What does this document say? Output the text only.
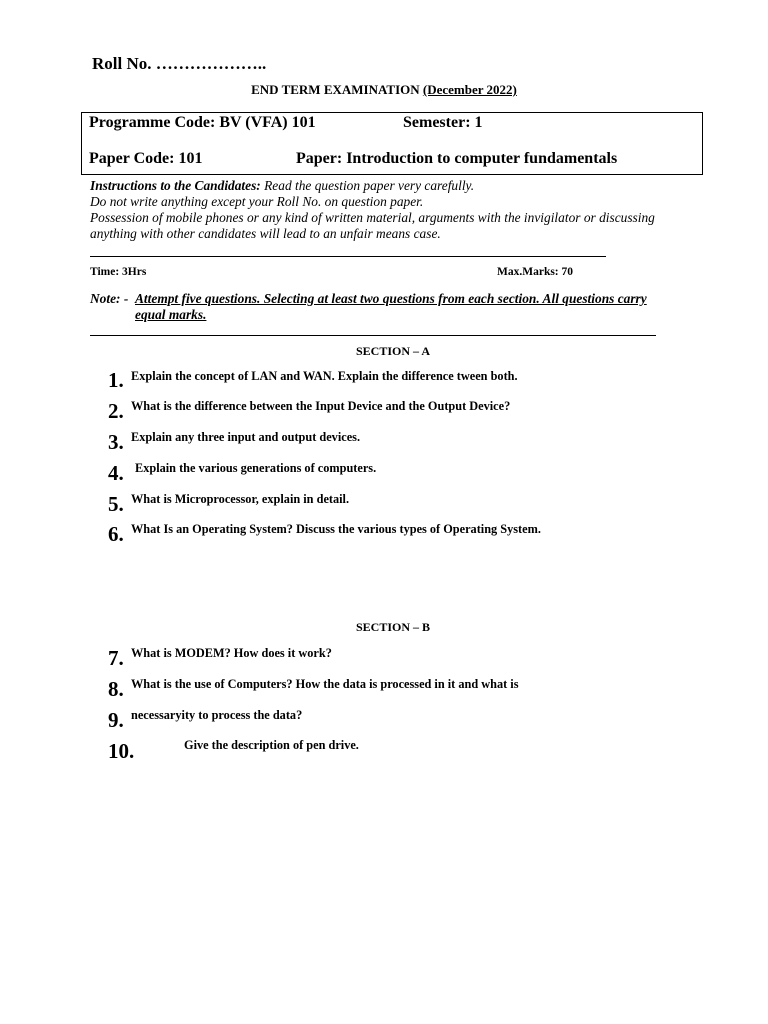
Roll No. ………………..
END TERM EXAMINATION (December 2022)
Programme Code: BV (VFA) 101	Semester: 1
Paper Code: 101	Paper: Introduction to computer fundamentals
Instructions to the Candidates: Read the question paper very carefully.
Do not write anything except your Roll No. on question paper.
Possession of mobile phones or any kind of written material, arguments with the invigilator or discussing
anything with other candidates will lead to an unfair means case.
Time: 3Hrs	Max.Marks: 70
Note: - Attempt five questions. Selecting at least two questions from each section. All questions carry
equal marks.
SECTION – A
1. Explain the concept of LAN and WAN. Explain the difference tween both.
2. What is the difference between the Input Device and the Output Device?
3. Explain any three input and output devices.
4. Explain the various generations of computers.
5. What is Microprocessor, explain in detail.
6. What Is an Operating System? Discuss the various types of Operating System.
SECTION – B
7. What is MODEM? How does it work?
8. What is the use of Computers? How the data is processed in it and what is
9. necessaryity to process the data?
10.	Give the description of pen drive.
